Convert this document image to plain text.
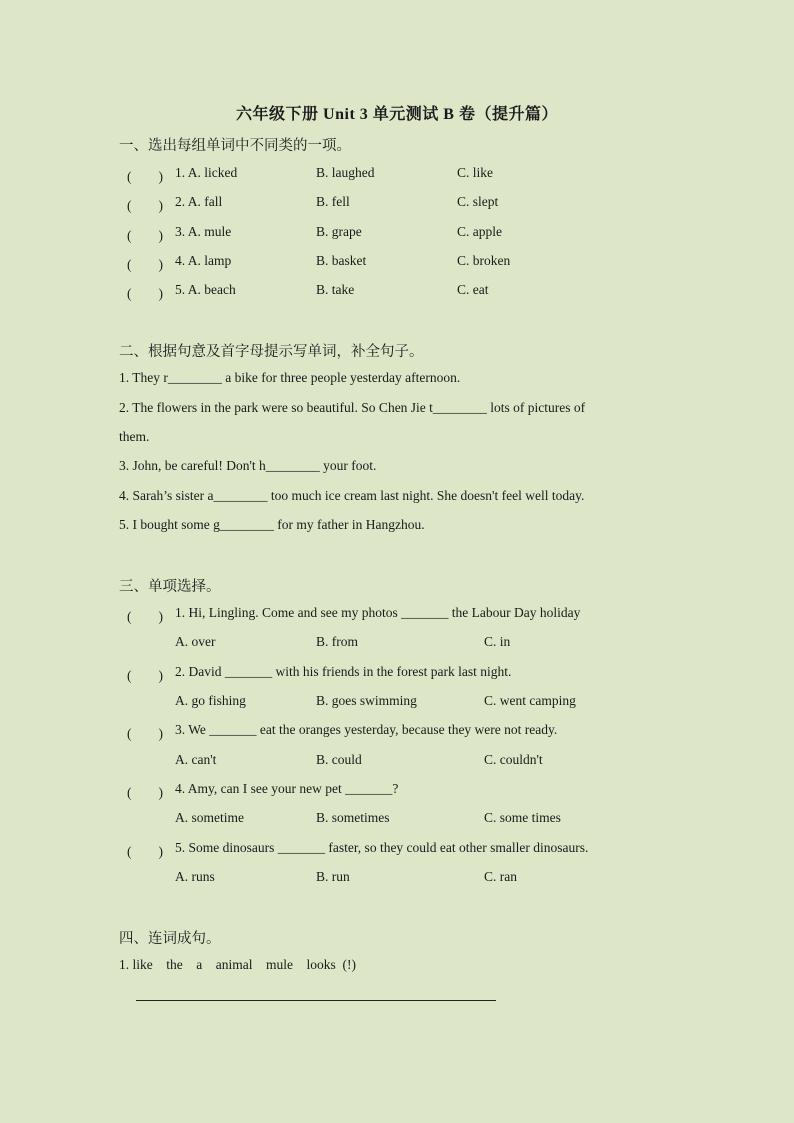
六年级下册 Unit 3 单元测试 B 卷（提升篇）
一、选出每组单词中不同类的一项。
(　　) 1. A. licked	B. laughed	C. like
(　　) 2. A. fall	B. fell	C. slept
(　　) 3. A. mule	B. grape	C. apple
(　　) 4. A. lamp	B. basket	C. broken
(　　) 5. A. beach	B. take	C. eat
二、根据句意及首字母提示写单词，补全句子。
1. They r________ a bike for three people yesterday afternoon.
2. The flowers in the park were so beautiful. So Chen Jie t________ lots of pictures of
them.
3. John, be careful! Don't h________ your foot.
4. Sarah’s sister a________ too much ice cream last night. She doesn't feel well today.
5. I bought some g________ for my father in Hangzhou.
三、单项选择。
(　　) 1. Hi, Lingling. Come and see my photos _______ the Labour Day holiday
A. over	B. from	C. in
(　　) 2. David _______ with his friends in the forest park last night.
A. go fishing	B. goes swimming	C. went camping
(　　) 3. We _______ eat the oranges yesterday, because they were not ready.
A. can't	B. could	C. couldn't
(　　) 4. Amy, can I see your new pet _______?
A. sometime	B. sometimes	C. some times
(　　) 5. Some dinosaurs _______ faster, so they could eat other smaller dinosaurs.
A. runs	B. run	C. ran
四、连词成句。
1. like    the    a    animal    mule    looks  (!)
